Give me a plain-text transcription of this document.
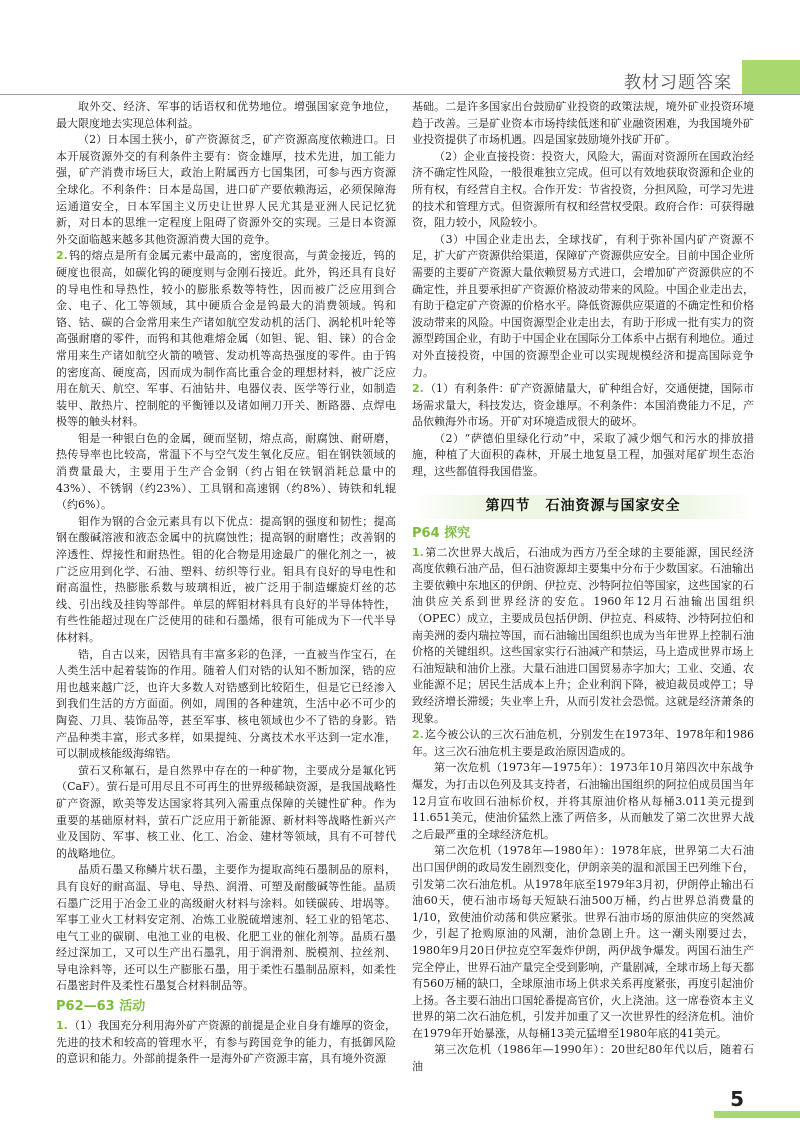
教材习题答案

取外交、经济、军事的话语权和优势地位。增强国家竞争地位，最大限度地去实现总体利益。

（2）日本国土狭小，矿产资源贫乏，矿产资源高度依赖进口。日本开展资源外交的有利条件主要有：资金雄厚，技术先进，加工能力强，矿产消费市场巨大，政治上附属西方七国集团，可参与西方资源全球化。不利条件：日本是岛国，进口矿产要依赖海运，必须保障海运通道安全，日本军国主义历史让世界人民尤其是亚洲人民记忆犹新，对日本的思维一定程度上阻碍了资源外交的实现。三是日本资源外交面临越来越多其他资源消费大国的竞争。

2.钨的熔点是所有金属元素中最高的，密度很高，与黄金接近，钨的硬度也很高，如碳化钨的硬度则与金刚石接近。此外，钨还具有良好的导电性和导热性，较小的膨胀系数等特性，因而被广泛应用到合金、电子、化工等领域，其中硬质合金是钨最大的消费领域。钨和铬、钴、碳的合金常用来生产诸如航空发动机的活门、涡轮机叶轮等高强耐磨的零件，而钨和其他难熔金属（如钽、铌、钼、铼）的合金常用来生产诸如航空火箭的喷管、发动机等高热强度的零件。由于钨的密度高、硬度高，因而成为制作高比重合金的理想材料，被广泛应用在航天、航空、军事、石油钻井、电器仪表、医学等行业，如制造装甲、散热片、控制舵的平衡锤以及诸如闸刀开关、断路器、点焊电极等的触头材料。

钼是一种银白色的金属，硬而坚韧，熔点高，耐腐蚀、耐研磨，热传导率也比较高，常温下不与空气发生氧化反应。钼在钢铁领域的消费量最大，主要用于生产合金钢（约占钼在铁钢消耗总量中的43%）、不锈钢（约23%）、工具钢和高速钢（约8%）、铸铁和轧辊（约6%）。

钼作为钢的合金元素具有以下优点：提高钢的强度和韧性；提高钢在酸碱溶液和液态金属中的抗腐蚀性；提高钢的耐磨性；改善钢的淬透性、焊接性和耐热性。钼的化合物是用途最广的催化剂之一，被广泛应用到化学、石油、塑料、纺织等行业。钼具有良好的导电性和耐高温性，热膨胀系数与玻璃相近，被广泛用于制造螺旋灯丝的芯线、引出线及挂钩等部件。单层的辉钼材料具有良好的半导体特性，有些性能超过现在广泛使用的硅和石墨烯，很有可能成为下一代半导体材料。

锆，自古以来，因锆具有丰富多彩的色泽，一直被当作宝石，在人类生活中起着装饰的作用。随着人们对锆的认知不断加深，锆的应用也越来越广泛，也许大多数人对锆感到比较陌生，但是它已经渗入到我们生活的方方面面。例如，周围的各种建筑，生活中必不可少的陶瓷、刀具、装饰品等，甚至军事、核电领域也少不了锆的身影。锆产品种类丰富，形式多样，如果提纯、分离技术水平达到一定水准，可以制成核能级海绵锆。

萤石又称氟石，是自然界中存在的一种矿物，主要成分是氟化钙（CaF）。萤石是可用尽且不可再生的世界级稀缺资源，是我国战略性矿产资源，欧美等发达国家将其列入需重点保障的关键性矿种。作为重要的基础原材料，萤石广泛应用于新能源、新材料等战略性新兴产业及国防、军事、核工业、化工、冶金、建材等领域，具有不可替代的战略地位。

晶质石墨又称鳞片状石墨，主要作为提取高纯石墨制品的原料，具有良好的耐高温、导电、导热、润滑、可塑及耐酸碱等性能。晶质石墨广泛用于冶金工业的高级耐火材料与涂料。如镁碳砖、坩埚等。军事工业火工材料安定剂、冶炼工业脱硫增速剂、轻工业的铅笔芯、电气工业的碳刷、电池工业的电极、化肥工业的催化剂等。晶质石墨经过深加工，又可以生产出石墨乳，用于润滑剂、脱模剂、拉丝剂、导电涂料等，还可以生产膨胀石墨，用于柔性石墨制品原料，如柔性石墨密封件及柔性石墨复合材料制品等。

P62—63 活动

1.（1）我国充分利用海外矿产资源的前提是企业自身有雄厚的资金，先进的技术和较高的管理水平，有参与跨国竞争的能力，有抵御风险的意识和能力。外部前提条件一是海外矿产资源丰富，具有境外资源

基础。二是许多国家出台鼓励矿业投资的政策法规，境外矿业投资环境趋于改善。三是矿业资本市场持续低迷和矿业融资困难，为我国境外矿业投资提供了市场机遇。四是国家鼓励境外找矿开矿。

（2）企业直接投资：投资大，风险大，需面对资源所在国政治经济不确定性风险，一般很难独立完成。但可以有效地获取资源和企业的所有权，有经营自主权。合作开发：节省投资，分担风险，可学习先进的技术和管理方式。但资源所有权和经营权受限。政府合作：可获得融资，阻力较小，风险较小。

（3）中国企业走出去，全球找矿，有利于弥补国内矿产资源不足，扩大矿产资源供给渠道，保障矿产资源供应安全。目前中国企业所需要的主要矿产资源大量依赖贸易方式进口，会增加矿产资源供应的不确定性，并且要承担矿产资源价格波动带来的风险。中国企业走出去，有助于稳定矿产资源的价格水平。降低资源供应渠道的不确定性和价格波动带来的风险。中国资源型企业走出去，有助于形成一批有实力的资源型跨国企业，有助于中国企业在国际分工体系中占据有利地位。通过对外直接投资，中国的资源型企业可以实现规模经济和提高国际竞争力。

2.（1）有利条件：矿产资源储量大，矿种组合好，交通便捷，国际市场需求量大，科技发达，资金雄厚。不利条件：本国消费能力不足，产品依赖海外市场。开矿对环境造成很大的破坏。

（2）“萨德伯里绿化行动”中，采取了减少烟气和污水的排放措施，种植了大面积的森林，开展土地复垦工程，加强对尾矿坝生态治理，这些都值得我国借鉴。

第四节　石油资源与国家安全
P64 探究

1.第二次世界大战后，石油成为西方乃至全球的主要能源，国民经济高度依赖石油产品，但石油资源却主要集中分布于少数国家。石油输出主要依赖中东地区的伊朗、伊拉克、沙特阿拉伯等国家，这些国家的石油供应关系到世界经济的安危。1960年12月石油输出国组织（OPEC）成立，主要成员包括伊朗、伊拉克、科威特、沙特阿拉伯和南美洲的委内瑞拉等国，而石油输出国组织也成为当年世界上控制石油价格的关键组织。这些国家实行石油减产和禁运，马上造成世界市场上石油短缺和油价上涨。大量石油进口国贸易赤字加大；工业、交通、农业能源不足；居民生活成本上升；企业利润下降，被迫裁员或停工；导致经济增长滞缓；失业率上升，从而引发社会恐慌。这就是经济萧条的现象。

2.迄今被公认的三次石油危机，分别发生在1973年、1978年和1986年。这三次石油危机主要是政治原因造成的。

第一次危机（1973年—1975年）：1973年10月第四次中东战争爆发，为打击以色列及其支持者，石油输出国组织的阿拉伯成员国当年12月宣布收回石油标价权，并将其原油价格从每桶3.011美元提到11.651美元，使油价猛然上涨了两倍多，从而触发了第二次世界大战之后最严重的全球经济危机。

第二次危机（1978年—1980年）：1978年底，世界第二大石油出口国伊朗的政局发生剧烈变化，伊朗亲美的温和派国王巴列维下台，引发第二次石油危机。从1978年底至1979年3月初，伊朗停止输出石油60天，使石油市场每天短缺石油500万桶，约占世界总消费量的1/10，致使油价动荡和供应紧张。世界石油市场的原油供应的突然减少，引起了抢购原油的风潮，油价急剧上升。这一潮头刚要过去，1980年9月20日伊拉克空军轰炸伊朗，两伊战争爆发。两国石油生产完全停止，世界石油产量完全受到影响，产量剧减，全球市场上每天都有560万桶的缺口，全球原油市场上供求关系再度紧张，再度引起油价上扬。各主要石油出口国轮番提高官价，火上浇油。这一席卷资本主义世界的第二次石油危机，引发并加重了又一次世界性的经济危机。油价在1979年开始暴涨，从每桶13美元猛增至1980年底的41美元。

第三次危机（1986年—1990年）：20世纪80年代以后，随着石油

5
